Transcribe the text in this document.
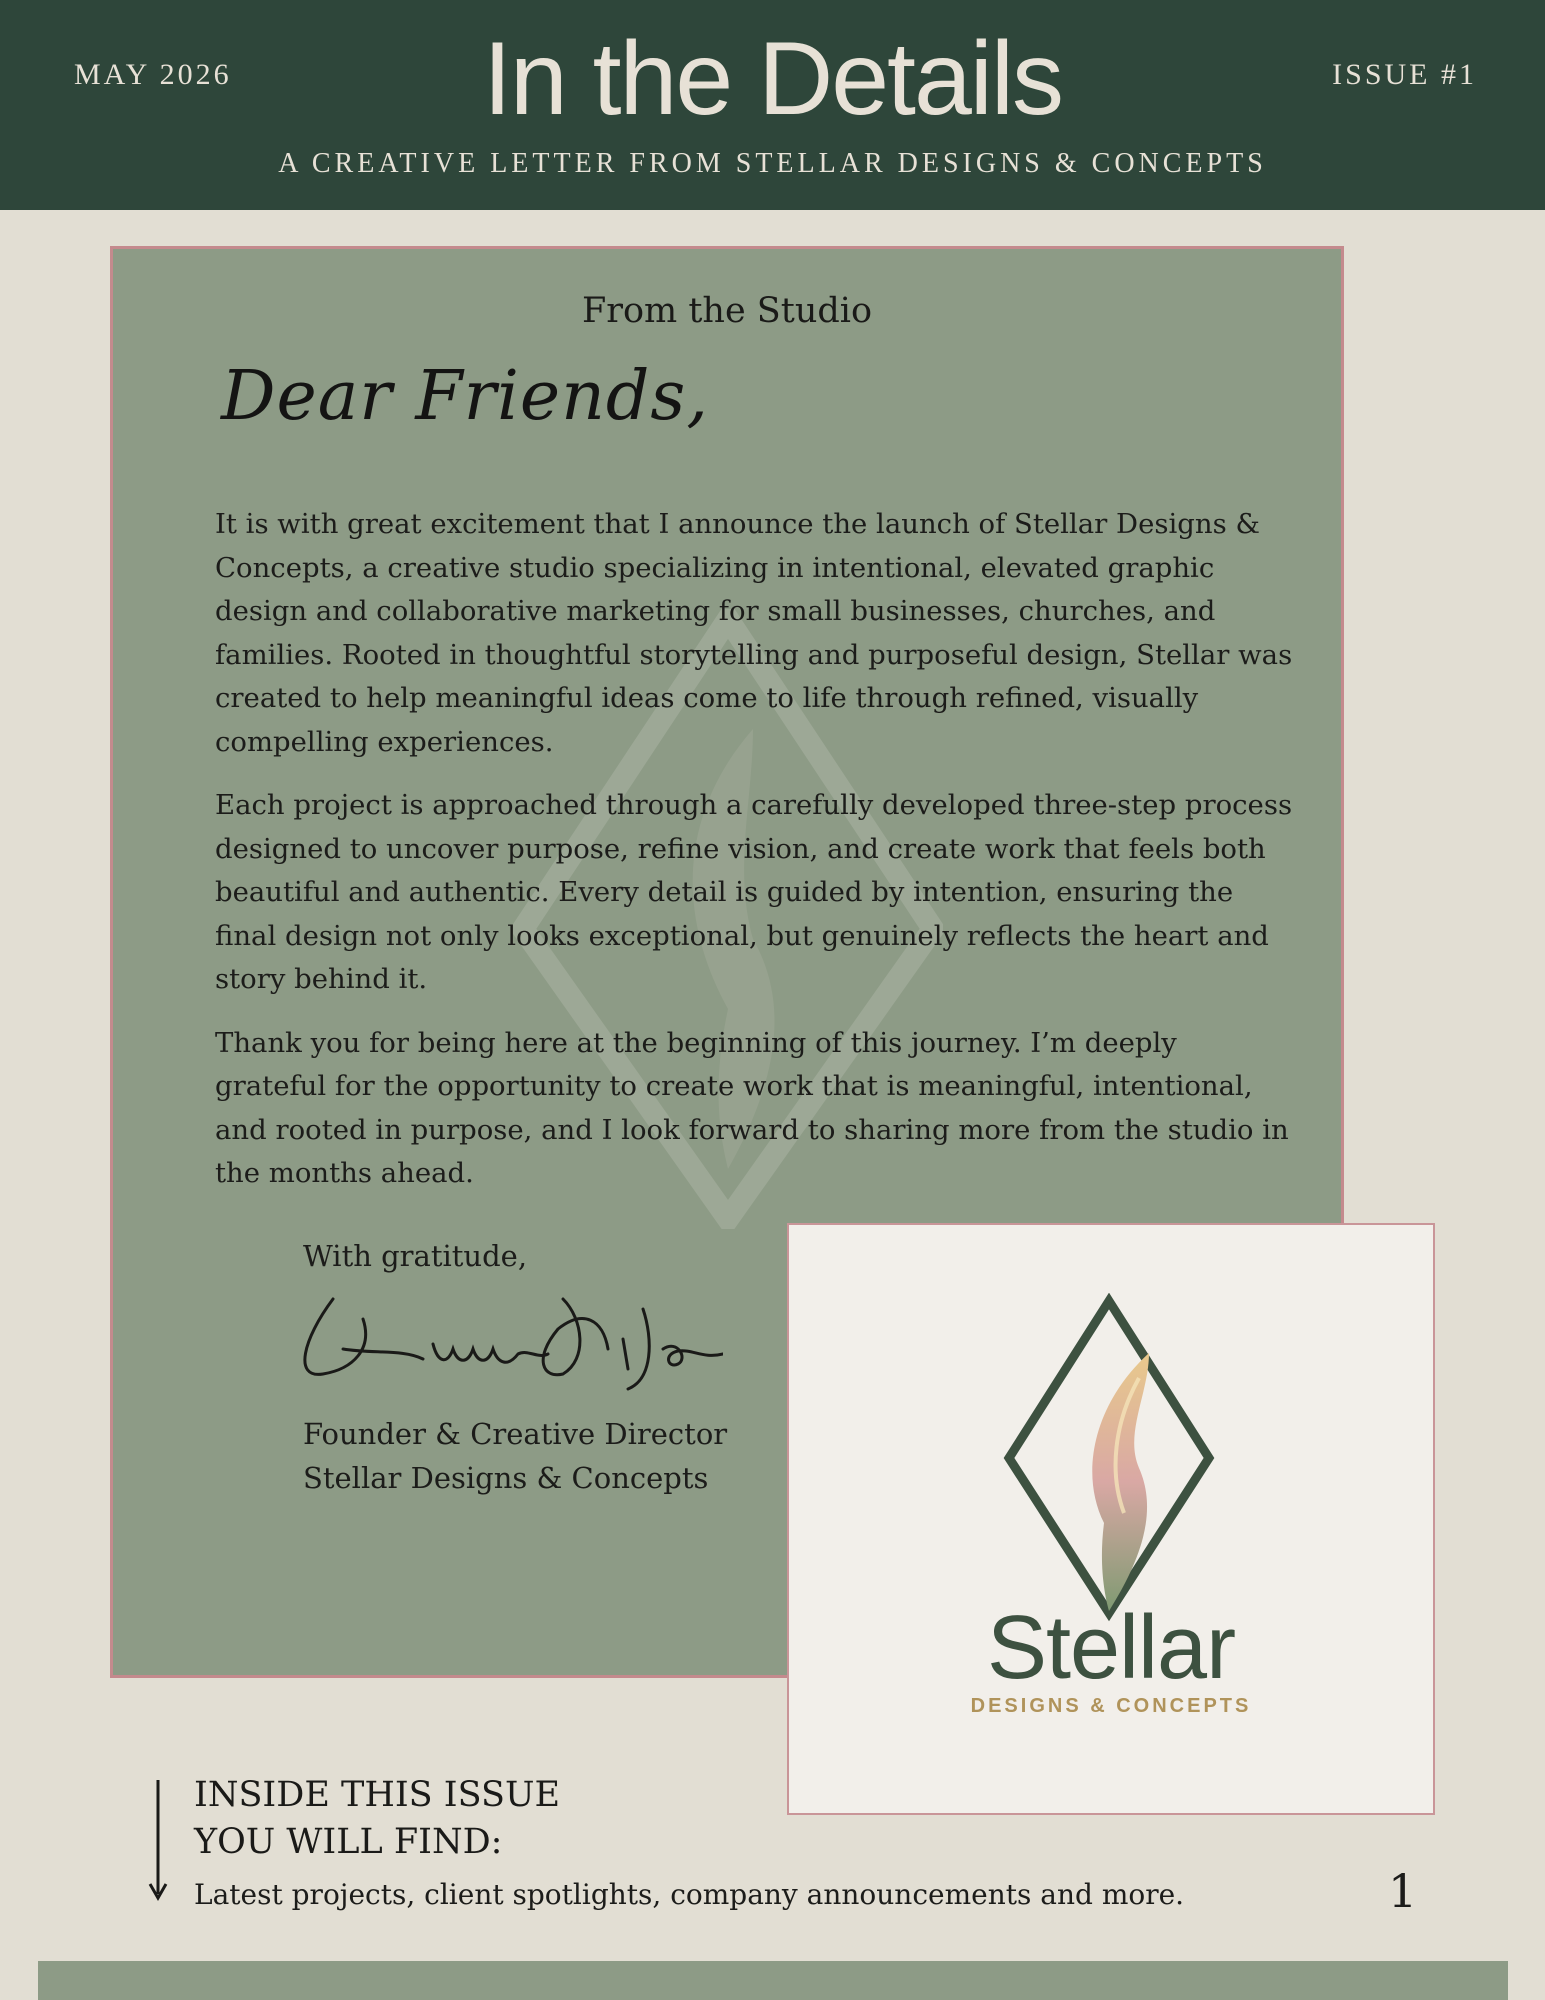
MAY 2026	In the Details	ISSUE #1
A CREATIVE LETTER FROM STELLAR DESIGNS & CONCEPTS
From the Studio
Dear Friends,

It is with great excitement that I announce the launch of Stellar Designs & Concepts, a creative studio specializing in intentional, elevated graphic design and collaborative marketing for small businesses, churches, and families. Rooted in thoughtful storytelling and purposeful design, Stellar was created to help meaningful ideas come to life through refined, visually compelling experiences.

Each project is approached through a carefully developed three-step process designed to uncover purpose, refine vision, and create work that feels both beautiful and authentic. Every detail is guided by intention, ensuring the final design not only looks exceptional, but genuinely reflects the heart and story behind it.

Thank you for being here at the beginning of this journey. I’m deeply grateful for the opportunity to create work that is meaningful, intentional, and rooted in purpose, and I look forward to sharing more from the studio in the months ahead.

With gratitude,
Lianne D. Jones
Founder & Creative Director
Stellar Designs & Concepts
Stellar
DESIGNS & CONCEPTS
INSIDE THIS ISSUE
YOU WILL FIND:
Latest projects, client spotlights, company announcements and more.	1
